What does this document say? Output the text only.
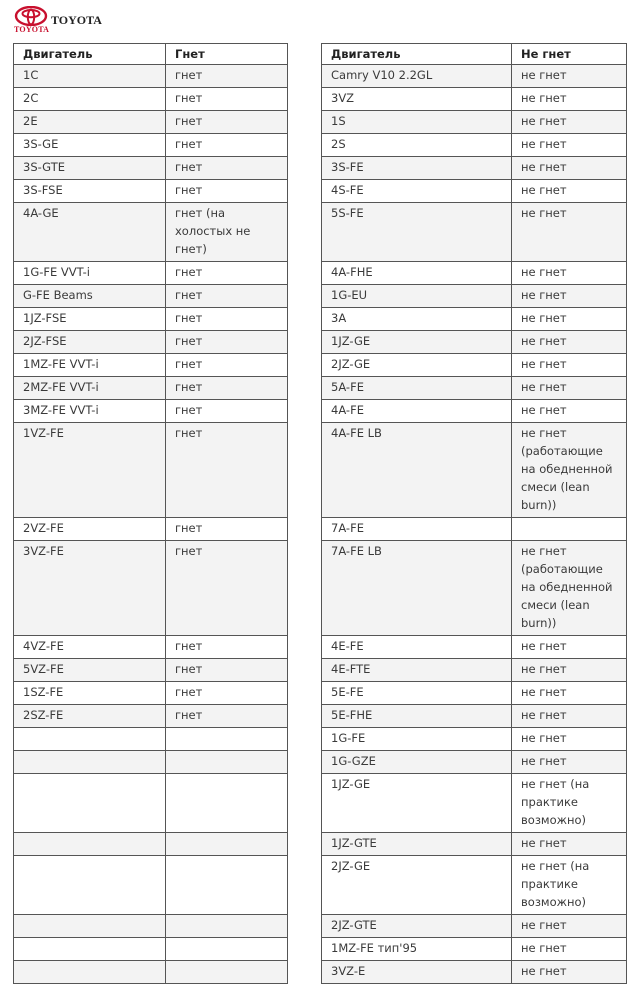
TOYOTA
TOYOTA
Двигатель	Гнет
1C	гнет
2C	гнет
2E	гнет
3S-GE	гнет
3S-GTE	гнет
3S-FSE	гнет
4A-GE	гнет (на холостых не гнет)
1G-FE VVT-i	гнет
G-FE Beams	гнет
1JZ-FSE	гнет
2JZ-FSE	гнет
1MZ-FE VVT-i	гнет
2MZ-FE VVT-i	гнет
3MZ-FE VVT-i	гнет
1VZ-FE	гнет
2VZ-FE	гнет
3VZ-FE	гнет
4VZ-FE	гнет
5VZ-FE	гнет
1SZ-FE	гнет
2SZ-FE	гнет

Двигатель	Не гнет
Camry V10 2.2GL	не гнет
3VZ	не гнет
1S	не гнет
2S	не гнет
3S-FE	не гнет
4S-FE	не гнет
5S-FE	не гнет
4A-FHE	не гнет
1G-EU	не гнет
3A	не гнет
1JZ-GE	не гнет
2JZ-GE	не гнет
5A-FE	не гнет
4A-FE	не гнет
4A-FE LB	не гнет (работающие на обедненной смеси (lean burn))
7A-FE	
7A-FE LB	не гнет (работающие на обедненной смеси (lean burn))
4E-FE	не гнет
4E-FTE	не гнет
5E-FE	не гнет
5E-FHE	не гнет
1G-FE	не гнет
1G-GZE	не гнет
1JZ-GE	не гнет (на практике возможно)
1JZ-GTE	не гнет
2JZ-GE	не гнет (на практике возможно)
2JZ-GTE	не гнет
1MZ-FE тип'95	не гнет
3VZ-E	не гнет
